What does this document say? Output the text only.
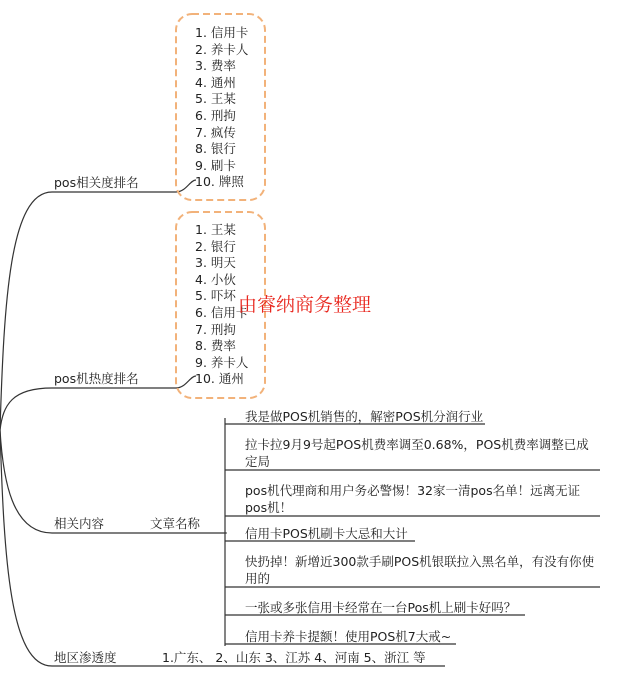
pos相关度排名
pos机热度排名
相关内容	文章名称
地区渗透度	1.广东、 2、山东 3、江苏 4、河南 5、浙江 等
1. 信用卡
2. 养卡人
3. 费率
4. 通州
5. 王某
6. 刑拘
7. 疯传
8. 银行
9. 刷卡
10. 牌照
1. 王某
2. 银行
3. 明天
4. 小伙
5. 吓坏
6. 信用卡
7. 刑拘
8. 费率
9. 养卡人
10. 通州
由睿纳商务整理
我是做POS机销售的，解密POS机分润行业
拉卡拉9月9号起POS机费率调至0.68%，POS机费率调整已成定局
pos机代理商和用户务必警惕！32家一清pos名单！远离无证pos机！
信用卡POS机刷卡大忌和大计
快扔掉！新增近300款手刷POS机银联拉入黑名单，有没有你使用的
一张或多张信用卡经常在一台Pos机上刷卡好吗？
信用卡养卡提额！使用POS机7大戒~
